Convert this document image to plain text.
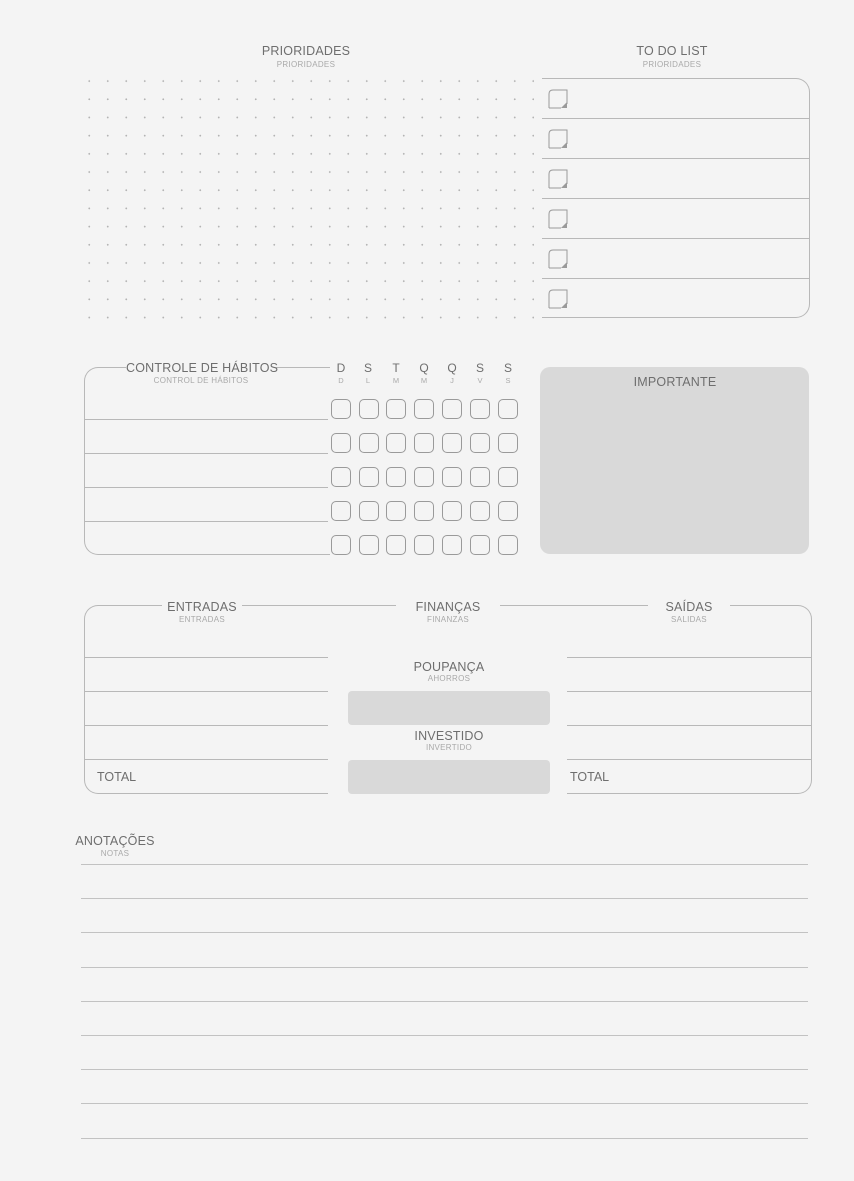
PRIORIDADES
PRIORIDADES
TO DO LIST
PRIORIDADES
CONTROLE DE HÁBITOS
CONTROL DE HÁBITOS
D
D
S
L
T
M
Q
M
Q
J
S
V
S
S	IMPORTANTE
ENTRADAS
ENTRADAS
FINANÇAS
FINANZAS
SAÍDAS
SALIDAS
TOTAL	TOTAL
POUPANÇA
AHORROS
INVESTIDO
INVERTIDO
ANOTAÇÕES
NOTAS
